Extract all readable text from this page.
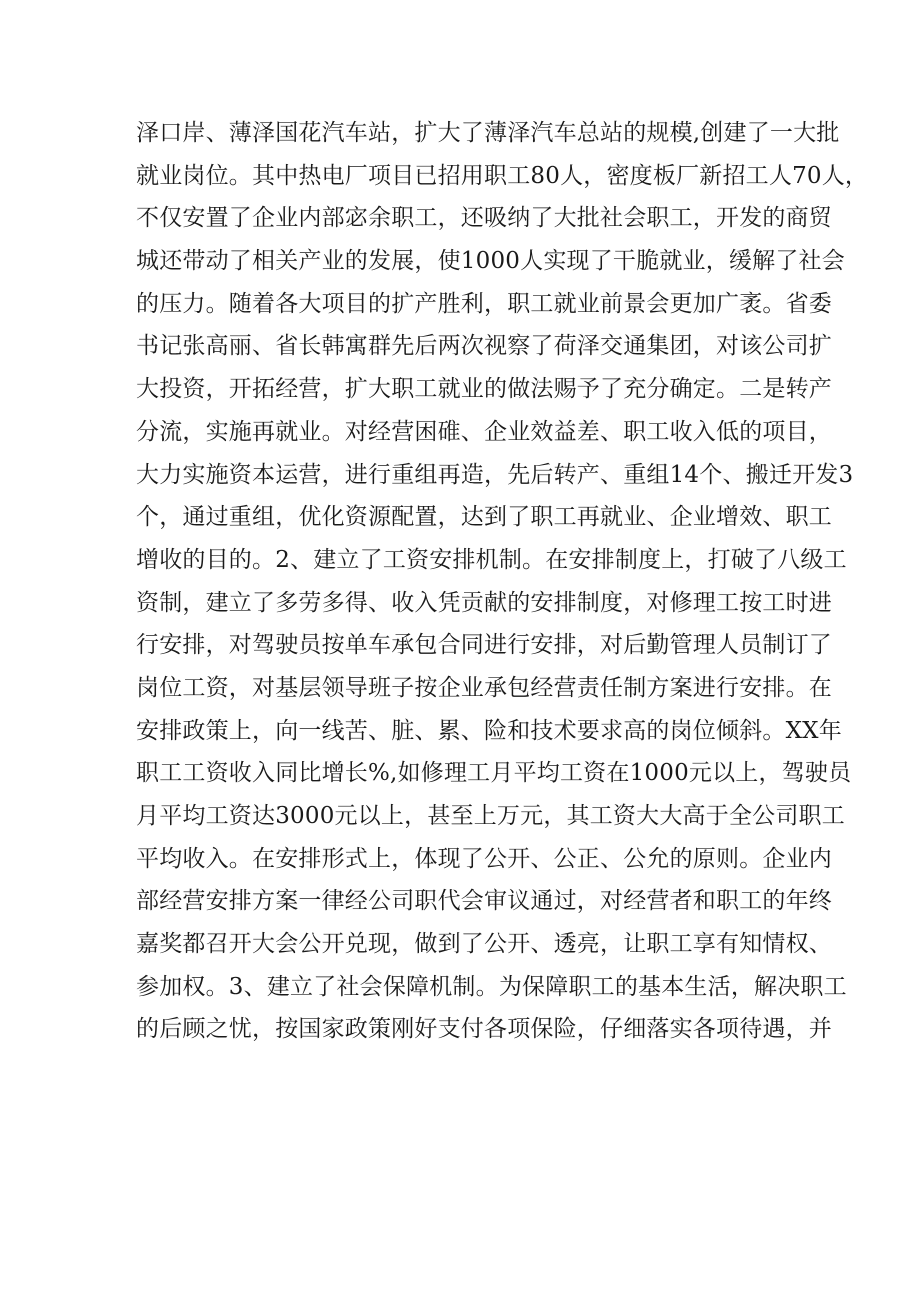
泽口岸、薄泽国花汽车站，扩大了薄泽汽车总站的规模,创建了一大批
就业岗位。其中热电厂项目已招用职工80人，密度板厂新招工人70人，
不仅安置了企业内部宓余职工，还吸纳了大批社会职工，开发的商贸
城还带动了相关产业的发展，使1000人实现了干脆就业，缓解了社会
的压力。随着各大项目的扩产胜利，职工就业前景会更加广袤。省委
书记张高丽、省长韩寓群先后两次视察了荷泽交通集团，对该公司扩
大投资，开拓经营，扩大职工就业的做法赐予了充分确定。二是转产
分流，实施再就业。对经营困碓、企业效益差、职工收入低的项目，
大力实施资本运营，进行重组再造，先后转产、重组14个、搬迁开发3
个，通过重组，优化资源配置，达到了职工再就业、企业增效、职工
增收的目的。2、建立了工资安排机制。在安排制度上，打破了八级工
资制，建立了多劳多得、收入凭贡献的安排制度，对修理工按工时进
行安排，对驾驶员按单车承包合同进行安排，对后勤管理人员制订了
岗位工资，对基层领导班子按企业承包经营责任制方案进行安排。在
安排政策上，向一线苦、脏、累、险和技术要求高的岗位倾斜。XX年
职工工资收入同比增长%,如修理工月平均工资在1000元以上，驾驶员
月平均工资达3000元以上，甚至上万元，其工资大大高于全公司职工
平均收入。在安排形式上，体现了公开、公正、公允的原则。企业内
部经营安排方案一律经公司职代会审议通过，对经营者和职工的年终
嘉奖都召开大会公开兑现，做到了公开、透亮，让职工享有知情权、
参加权。3、建立了社会保障机制。为保障职工的基本生活，解决职工
的后顾之忧，按国家政策刚好支付各项保险，仔细落实各项待遇，并
